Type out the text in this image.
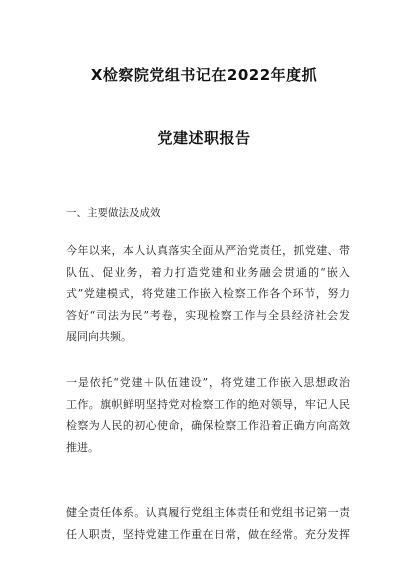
X检察院党组书记在2022年度抓
党建述职报告
一、主要做法及成效
今年以来，本人认真落实全面从严治党责任，抓党建、带
队伍、促业务，着力打造党建和业务融会贯通的“嵌入
式”党建模式，将党建工作嵌入检察工作各个环节，努力
答好“司法为民”考卷，实现检察工作与全县经济社会发
展同向共频。
一是依托“党建＋队伍建设”，将党建工作嵌入思想政治
工作。旗帜鲜明坚持党对检察工作的绝对领导，牢记人民
检察为人民的初心使命，确保检察工作沿着正确方向高效
推进。
健全责任体系。认真履行党组主体责任和党组书记第一责
任人职责，坚持党建工作重在日常，做在经常。充分发挥
